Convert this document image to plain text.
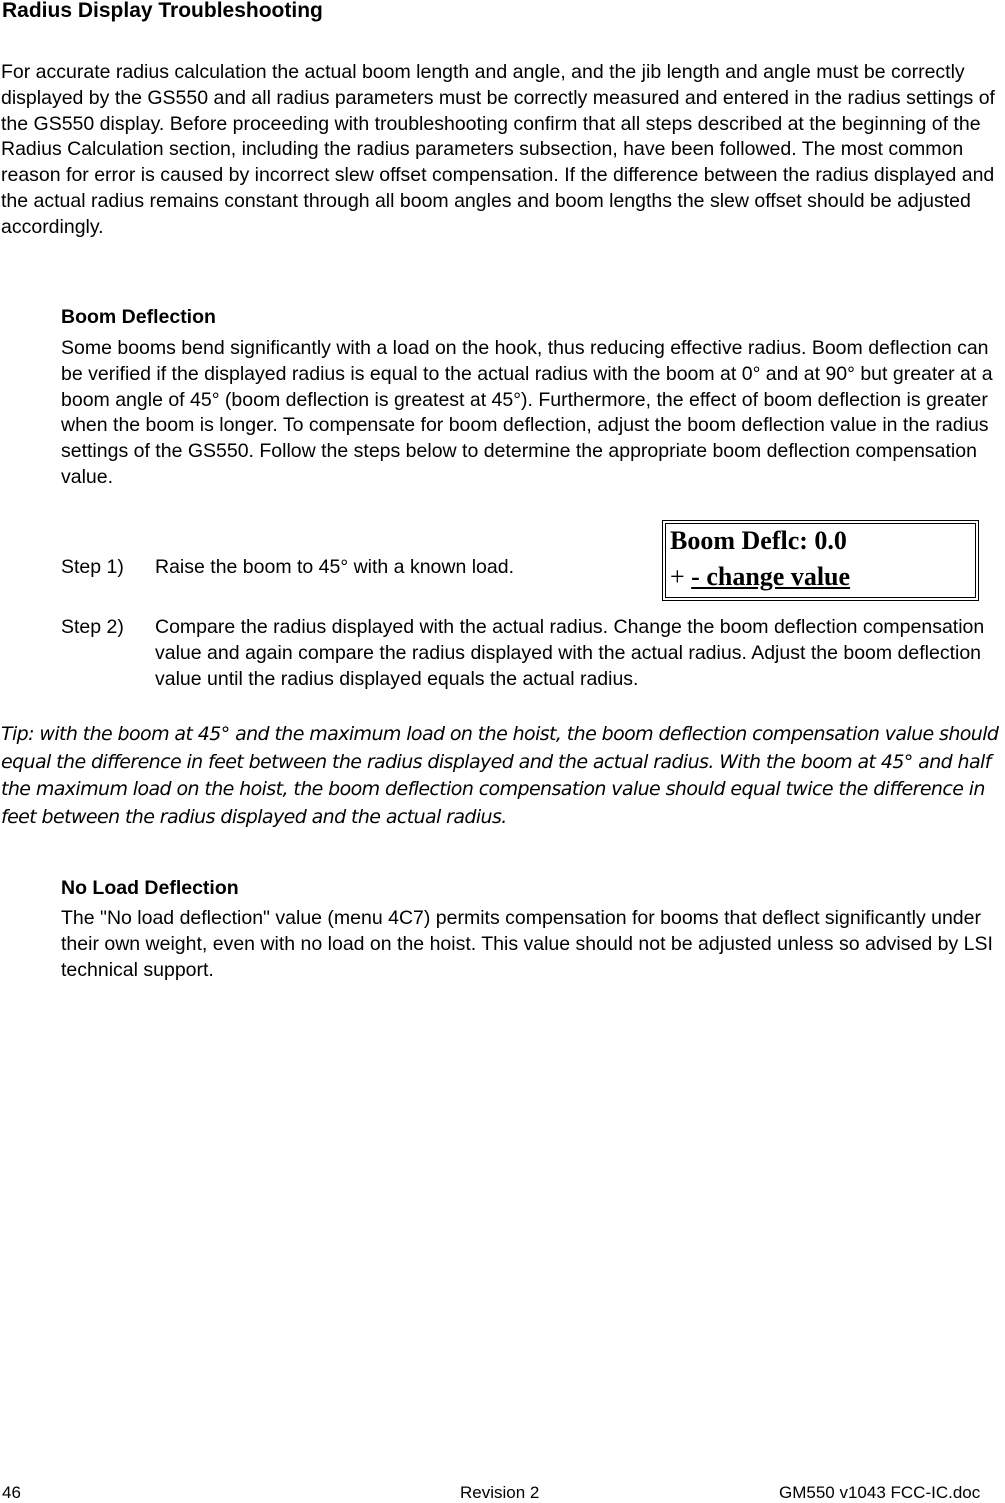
Radius Display Troubleshooting

For accurate radius calculation the actual boom length and angle, and the jib length and angle must be correctly displayed by the GS550 and all radius parameters must be correctly measured and entered in the radius settings of the GS550 display. Before proceeding with troubleshooting confirm that all steps described at the beginning of the Radius Calculation section, including the radius parameters subsection, have been followed. The most common reason for error is caused by incorrect slew offset compensation. If the difference between the radius displayed and the actual radius remains constant through all boom angles and boom lengths the slew offset should be adjusted accordingly.

Boom Deflection

Some booms bend significantly with a load on the hook, thus reducing effective radius. Boom deflection can be verified if the displayed radius is equal to the actual radius with the boom at 0° and at 90° but greater at a boom angle of 45° (boom deflection is greatest at 45°). Furthermore, the effect of boom deflection is greater when the boom is longer. To compensate for boom deflection, adjust the boom deflection value in the radius settings of the GS550. Follow the steps below to determine the appropriate boom deflection compensation value.

Step 1) Raise the boom to 45° with a known load.
Boom Deflc: 0.0
+ - change value
Step 2) Compare the radius displayed with the actual radius. Change the boom deflection compensation value and again compare the radius displayed with the actual radius. Adjust the boom deflection value until the radius displayed equals the actual radius.

Tip: with the boom at 45° and the maximum load on the hoist, the boom deflection compensation value should equal the difference in feet between the radius displayed and the actual radius. With the boom at 45° and half the maximum load on the hoist, the boom deflection compensation value should equal twice the difference in feet between the radius displayed and the actual radius.

No Load Deflection

The "No load deflection" value (menu 4C7) permits compensation for booms that deflect significantly under their own weight, even with no load on the hoist. This value should not be adjusted unless so advised by LSI technical support.

46	Revision 2	GM550 v1043 FCC-IC.doc
